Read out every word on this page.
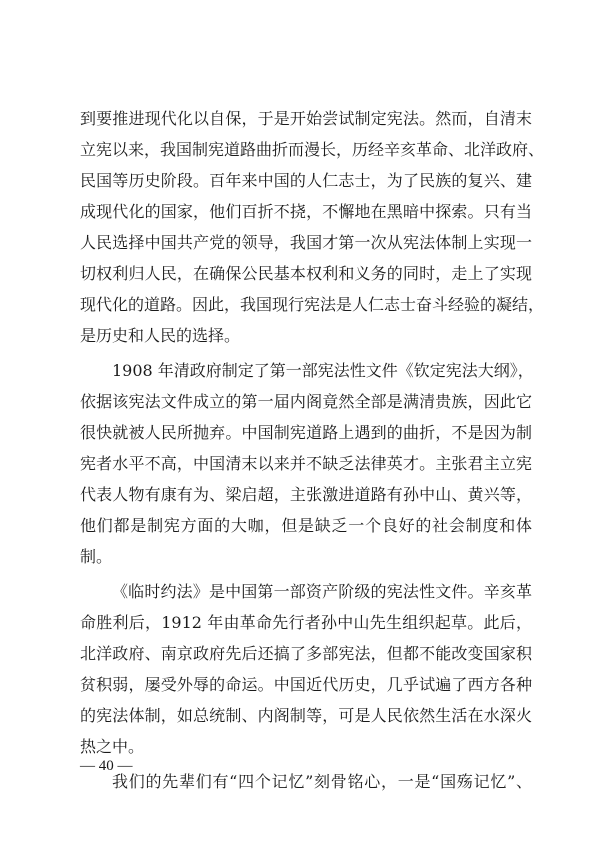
到要推进现代化以自保，于是开始尝试制定宪法。然而，自清末
立宪以来，我国制宪道路曲折而漫长，历经辛亥革命、北洋政府、
民国等历史阶段。百年来中国的人仁志士，为了民族的复兴、建
成现代化的国家，他们百折不挠，不懈地在黑暗中探索。只有当
人民选择中国共产党的领导，我国才第一次从宪法体制上实现一
切权利归人民，在确保公民基本权利和义务的同时，走上了实现
现代化的道路。因此，我国现行宪法是人仁志士奋斗经验的凝结，
是历史和人民的选择。
1908 年清政府制定了第一部宪法性文件《钦定宪法大纲》，
依据该宪法文件成立的第一届内阁竟然全部是满清贵族，因此它
很快就被人民所抛弃。中国制宪道路上遇到的曲折，不是因为制
宪者水平不高，中国清末以来并不缺乏法律英才。主张君主立宪
代表人物有康有为、梁启超，主张激进道路有孙中山、黄兴等，
他们都是制宪方面的大咖，但是缺乏一个良好的社会制度和体
制。
《临时约法》是中国第一部资产阶级的宪法性文件。辛亥革
命胜利后，1912 年由革命先行者孙中山先生组织起草。此后，
北洋政府、南京政府先后还搞了多部宪法，但都不能改变国家积
贫积弱，屡受外辱的命运。中国近代历史，几乎试遍了西方各种
的宪法体制，如总统制、内阁制等，可是人民依然生活在水深火
热之中。
我们的先辈们有“四个记忆”刻骨铭心，一是“国殇记忆”、
— 40 —
